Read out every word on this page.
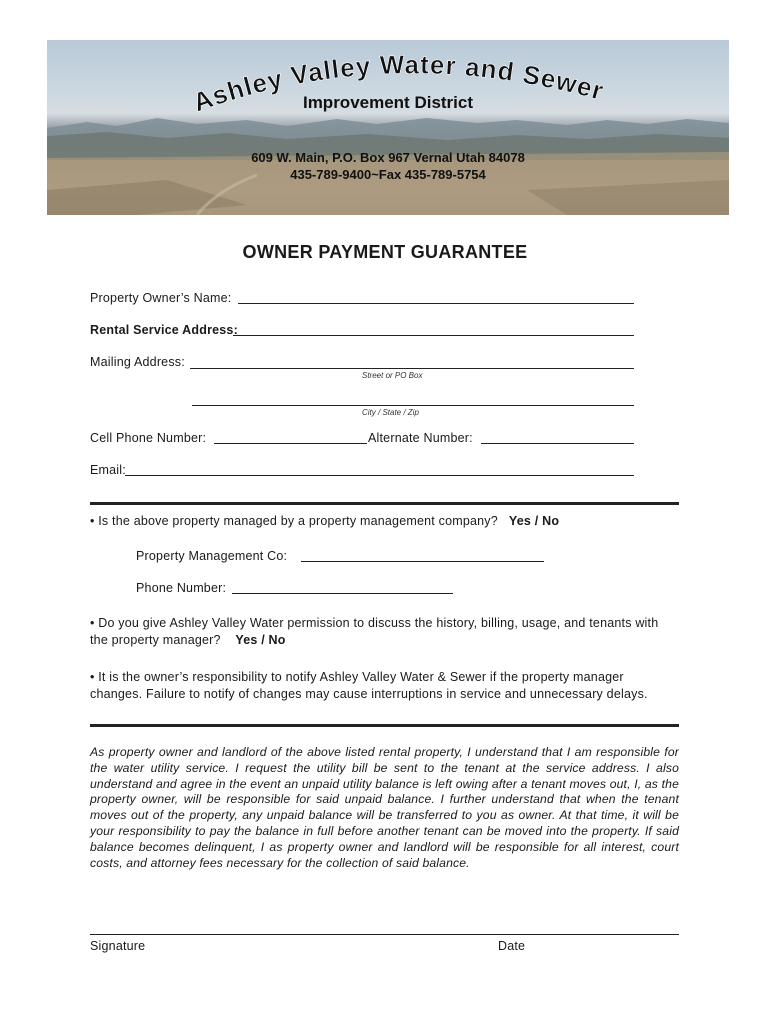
Ashley Valley Water and Sewer
Improvement District
609 W. Main, P.O. Box 967 Vernal Utah 84078
435-789-9400~Fax 435-789-5754
OWNER PAYMENT GUARANTEE
Property Owner’s Name:
Rental Service Address:
Mailing Address:
Street or PO Box
City / State / Zip
Cell Phone Number:	Alternate Number:
Email:
• Is the above property managed by a property management company? Yes / No
Property Management Co:
Phone Number:
• Do you give Ashley Valley Water permission to discuss the history, billing, usage, and tenants with the property manager? Yes / No
• It is the owner’s responsibility to notify Ashley Valley Water & Sewer if the property manager changes. Failure to notify of changes may cause interruptions in service and unnecessary delays.
As property owner and landlord of the above listed rental property, I understand that I am responsible for the water utility service. I request the utility bill be sent to the tenant at the service address. I also understand and agree in the event an unpaid utility balance is left owing after a tenant moves out, I, as the property owner, will be responsible for said unpaid balance. I further understand that when the tenant moves out of the property, any unpaid balance will be transferred to you as owner. At that time, it will be your responsibility to pay the balance in full before another tenant can be moved into the property. If said balance becomes delinquent, I as property owner and landlord will be responsible for all interest, court costs, and attorney fees necessary for the collection of said balance.
Signature	Date
